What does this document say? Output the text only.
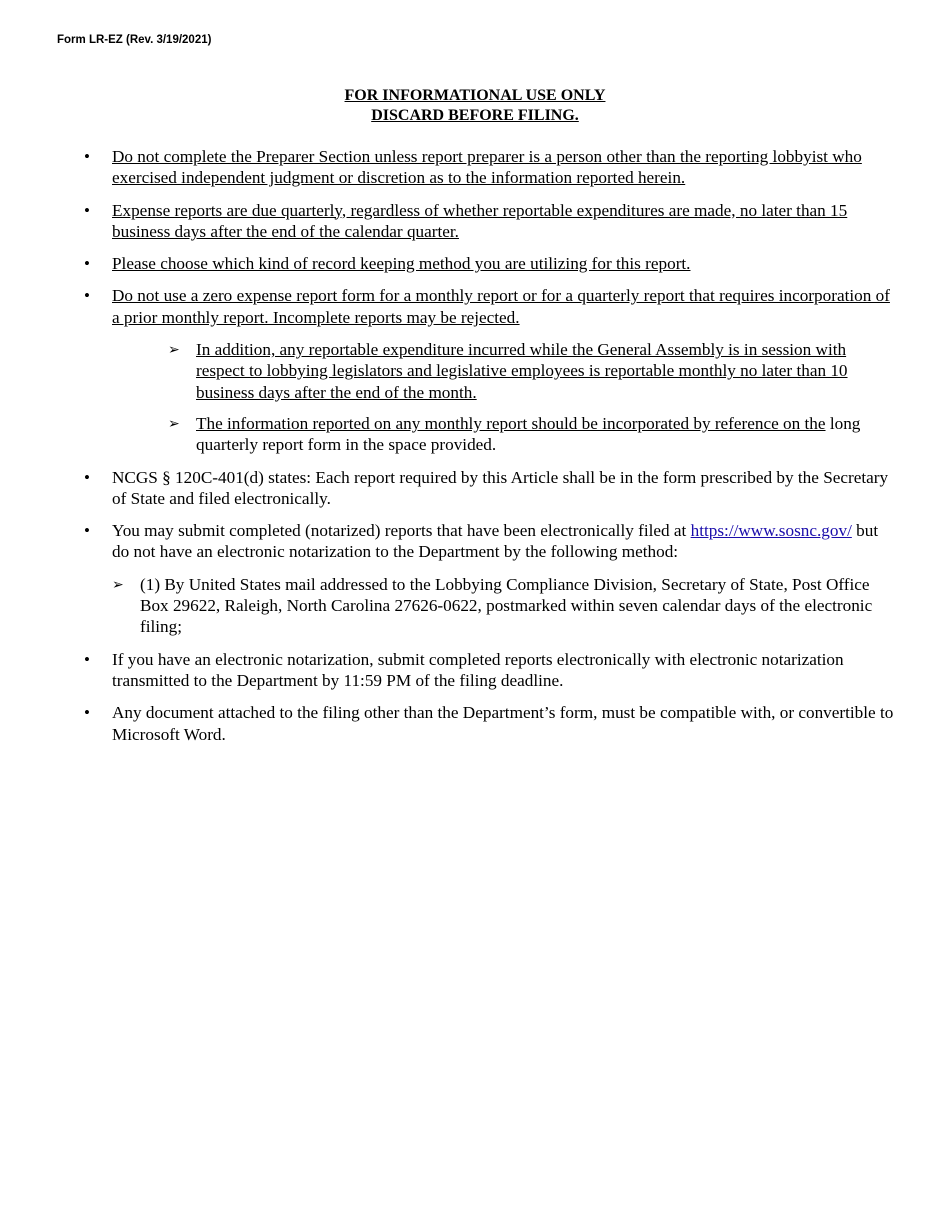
Form LR-EZ (Rev. 3/19/2021)
FOR INFORMATIONAL USE ONLY
DISCARD BEFORE FILING.
•	Do not complete the Preparer Section unless report preparer is a person other than the reporting lobbyist who exercised independent judgment or discretion as to the information reported herein.
•	Expense reports are due quarterly, regardless of whether reportable expenditures are made, no later than 15 business days after the end of the calendar quarter.
•	Please choose which kind of record keeping method you are utilizing for this report.
•	Do not use a zero expense report form for a monthly report or for a quarterly report that requires incorporation of a prior monthly report. Incomplete reports may be rejected.
➢ In addition, any reportable expenditure incurred while the General Assembly is in session with respect to lobbying legislators and legislative employees is reportable monthly no later than 10 business days after the end of the month.
➢ The information reported on any monthly report should be incorporated by reference on the long quarterly report form in the space provided.
•	NCGS § 120C-401(d) states: Each report required by this Article shall be in the form prescribed by the Secretary of State and filed electronically.
•	You may submit completed (notarized) reports that have been electronically filed at https://www.sosnc.gov/ but do not have an electronic notarization to the Department by the following method:
➢ (1) By United States mail addressed to the Lobbying Compliance Division, Secretary of State, Post Office Box 29622, Raleigh, North Carolina 27626-0622, postmarked within seven calendar days of the electronic filing;
•	If you have an electronic notarization, submit completed reports electronically with electronic notarization transmitted to the Department by 11:59 PM of the filing deadline.
•	Any document attached to the filing other than the Department’s form, must be compatible with, or convertible to Microsoft Word.
